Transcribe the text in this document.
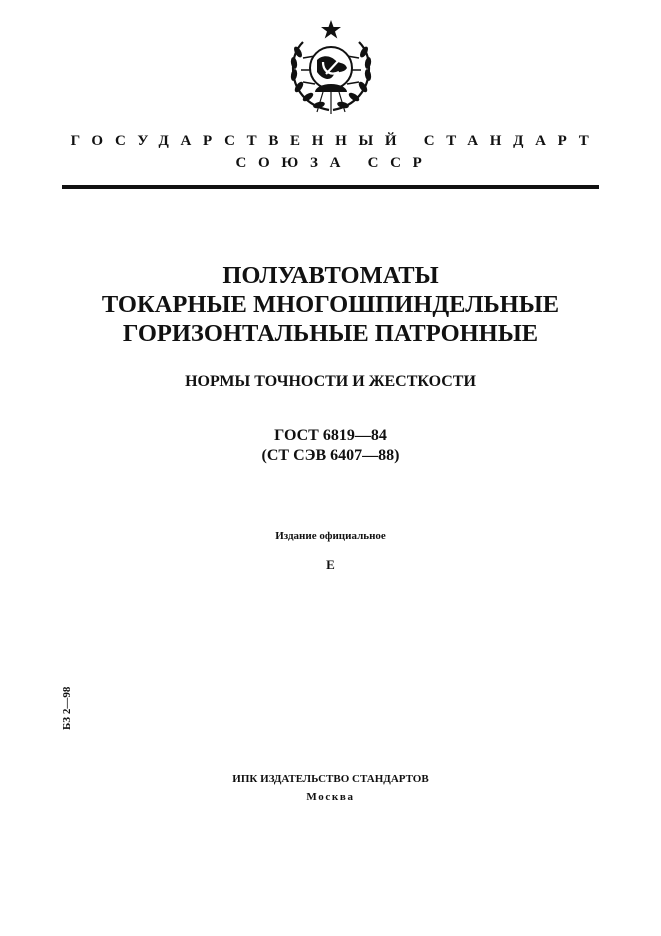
ГОСУДАРСТВЕННЫЙ СТАНДАРТ
СОЮЗА ССР
ПОЛУАВТОМАТЫ
ТОКАРНЫЕ МНОГОШПИНДЕЛЬНЫЕ
ГОРИЗОНТАЛЬНЫЕ ПАТРОННЫЕ
НОРМЫ ТОЧНОСТИ И ЖЕСТКОСТИ
ГОСТ 6819—84
(СТ СЭВ 6407—88)
Издание официальное
Е
БЗ 2—98
ИПК ИЗДАТЕЛЬСТВО СТАНДАРТОВ
Москва
